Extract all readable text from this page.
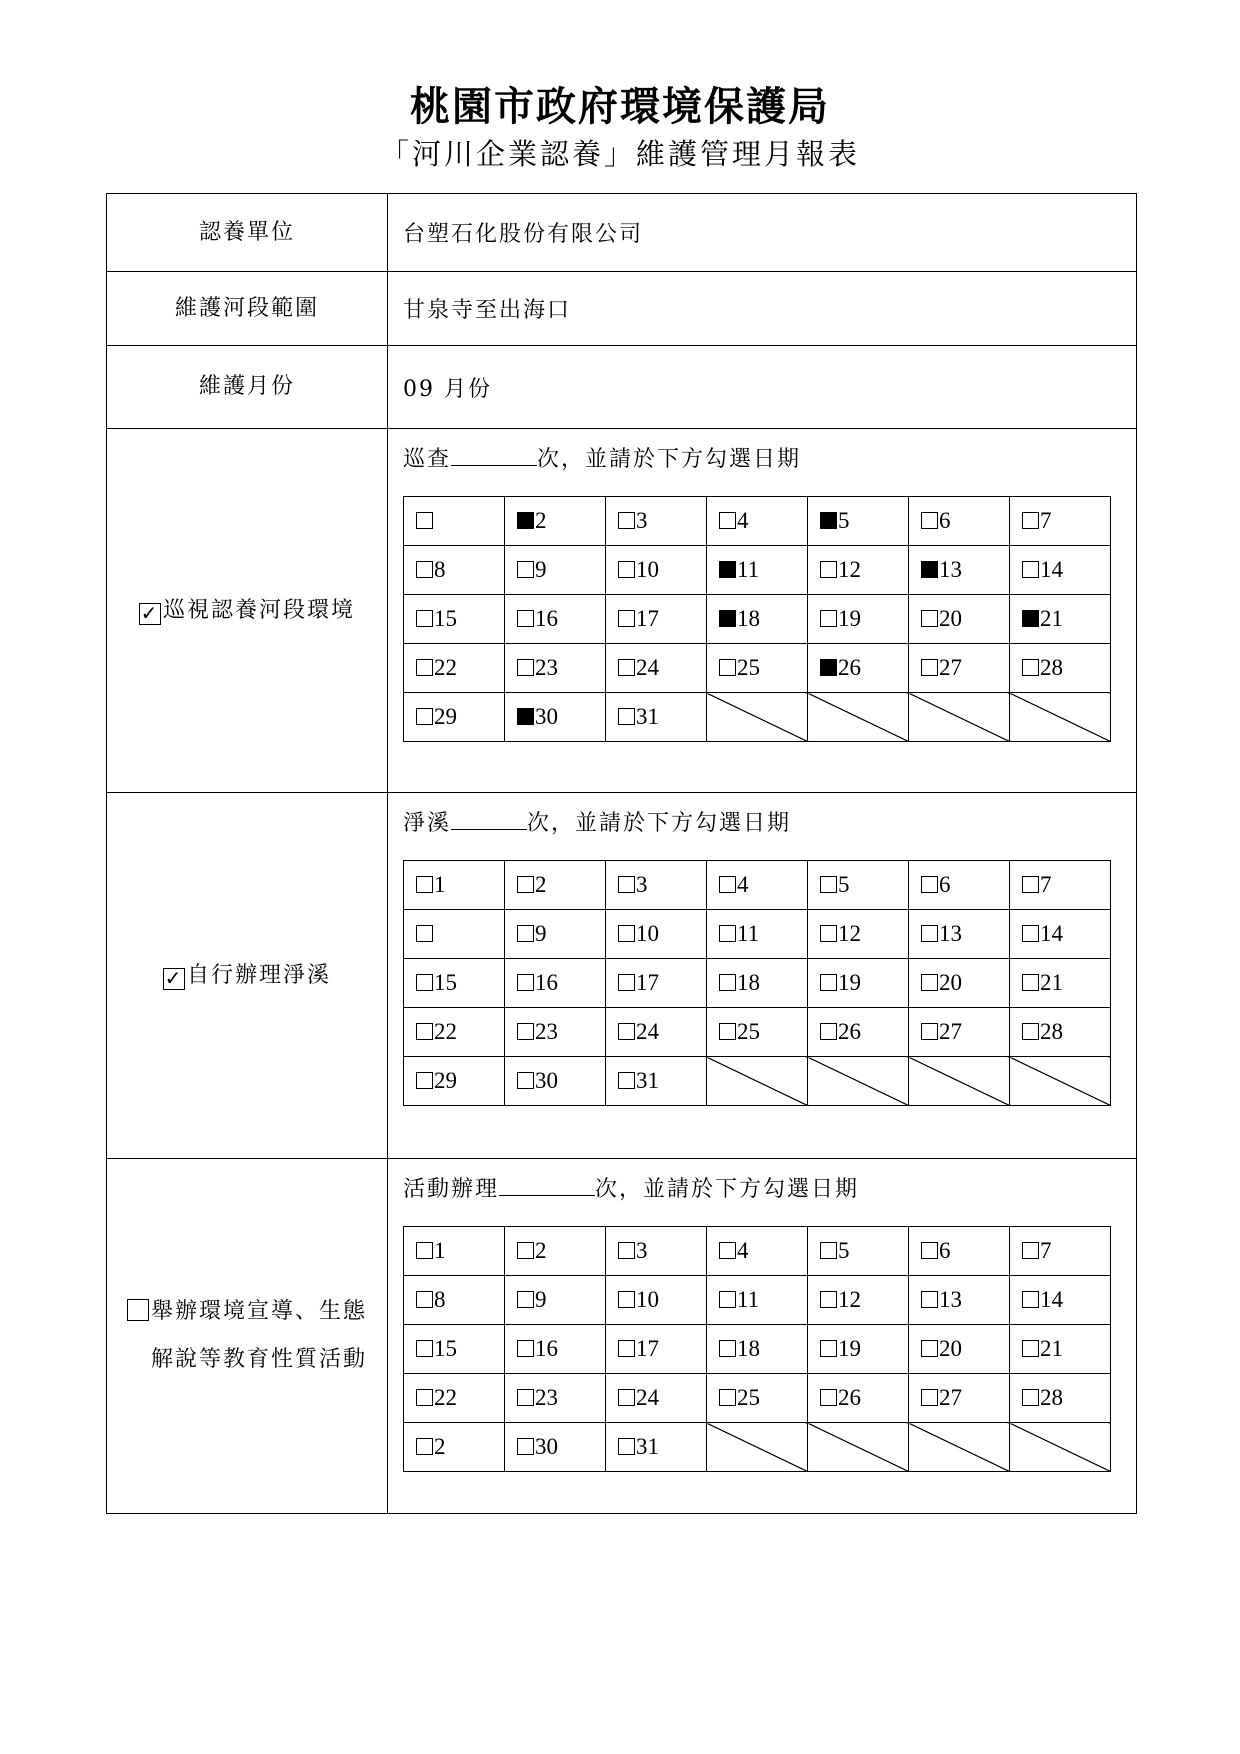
桃園市政府環境保護局
「河川企業認養」維護管理月報表
認養單位	台塑石化股份有限公司
維護河段範圍	甘泉寺至出海口
維護月份	09 月份
✓ 巡視認養河段環境
巡查	次，並請於下方勾選日期
	2	3	4	5	6	7
8	9	10	11	12	13	14
15	16	17	18	19	20	21
22	23	24	25	26	27	28
29	30	31				
✓ 自行辦理淨溪
淨溪	次，並請於下方勾選日期
1	2	3	4	5	6	7
	9	10	11	12	13	14
15	16	17	18	19	20	21
22	23	24	25	26	27	28
29	30	31				
舉辦環境宣導、生態
解說等教育性質活動
活動辦理	次，並請於下方勾選日期
1	2	3	4	5	6	7
8	9	10	11	12	13	14
15	16	17	18	19	20	21
22	23	24	25	26	27	28
2	30	31				
